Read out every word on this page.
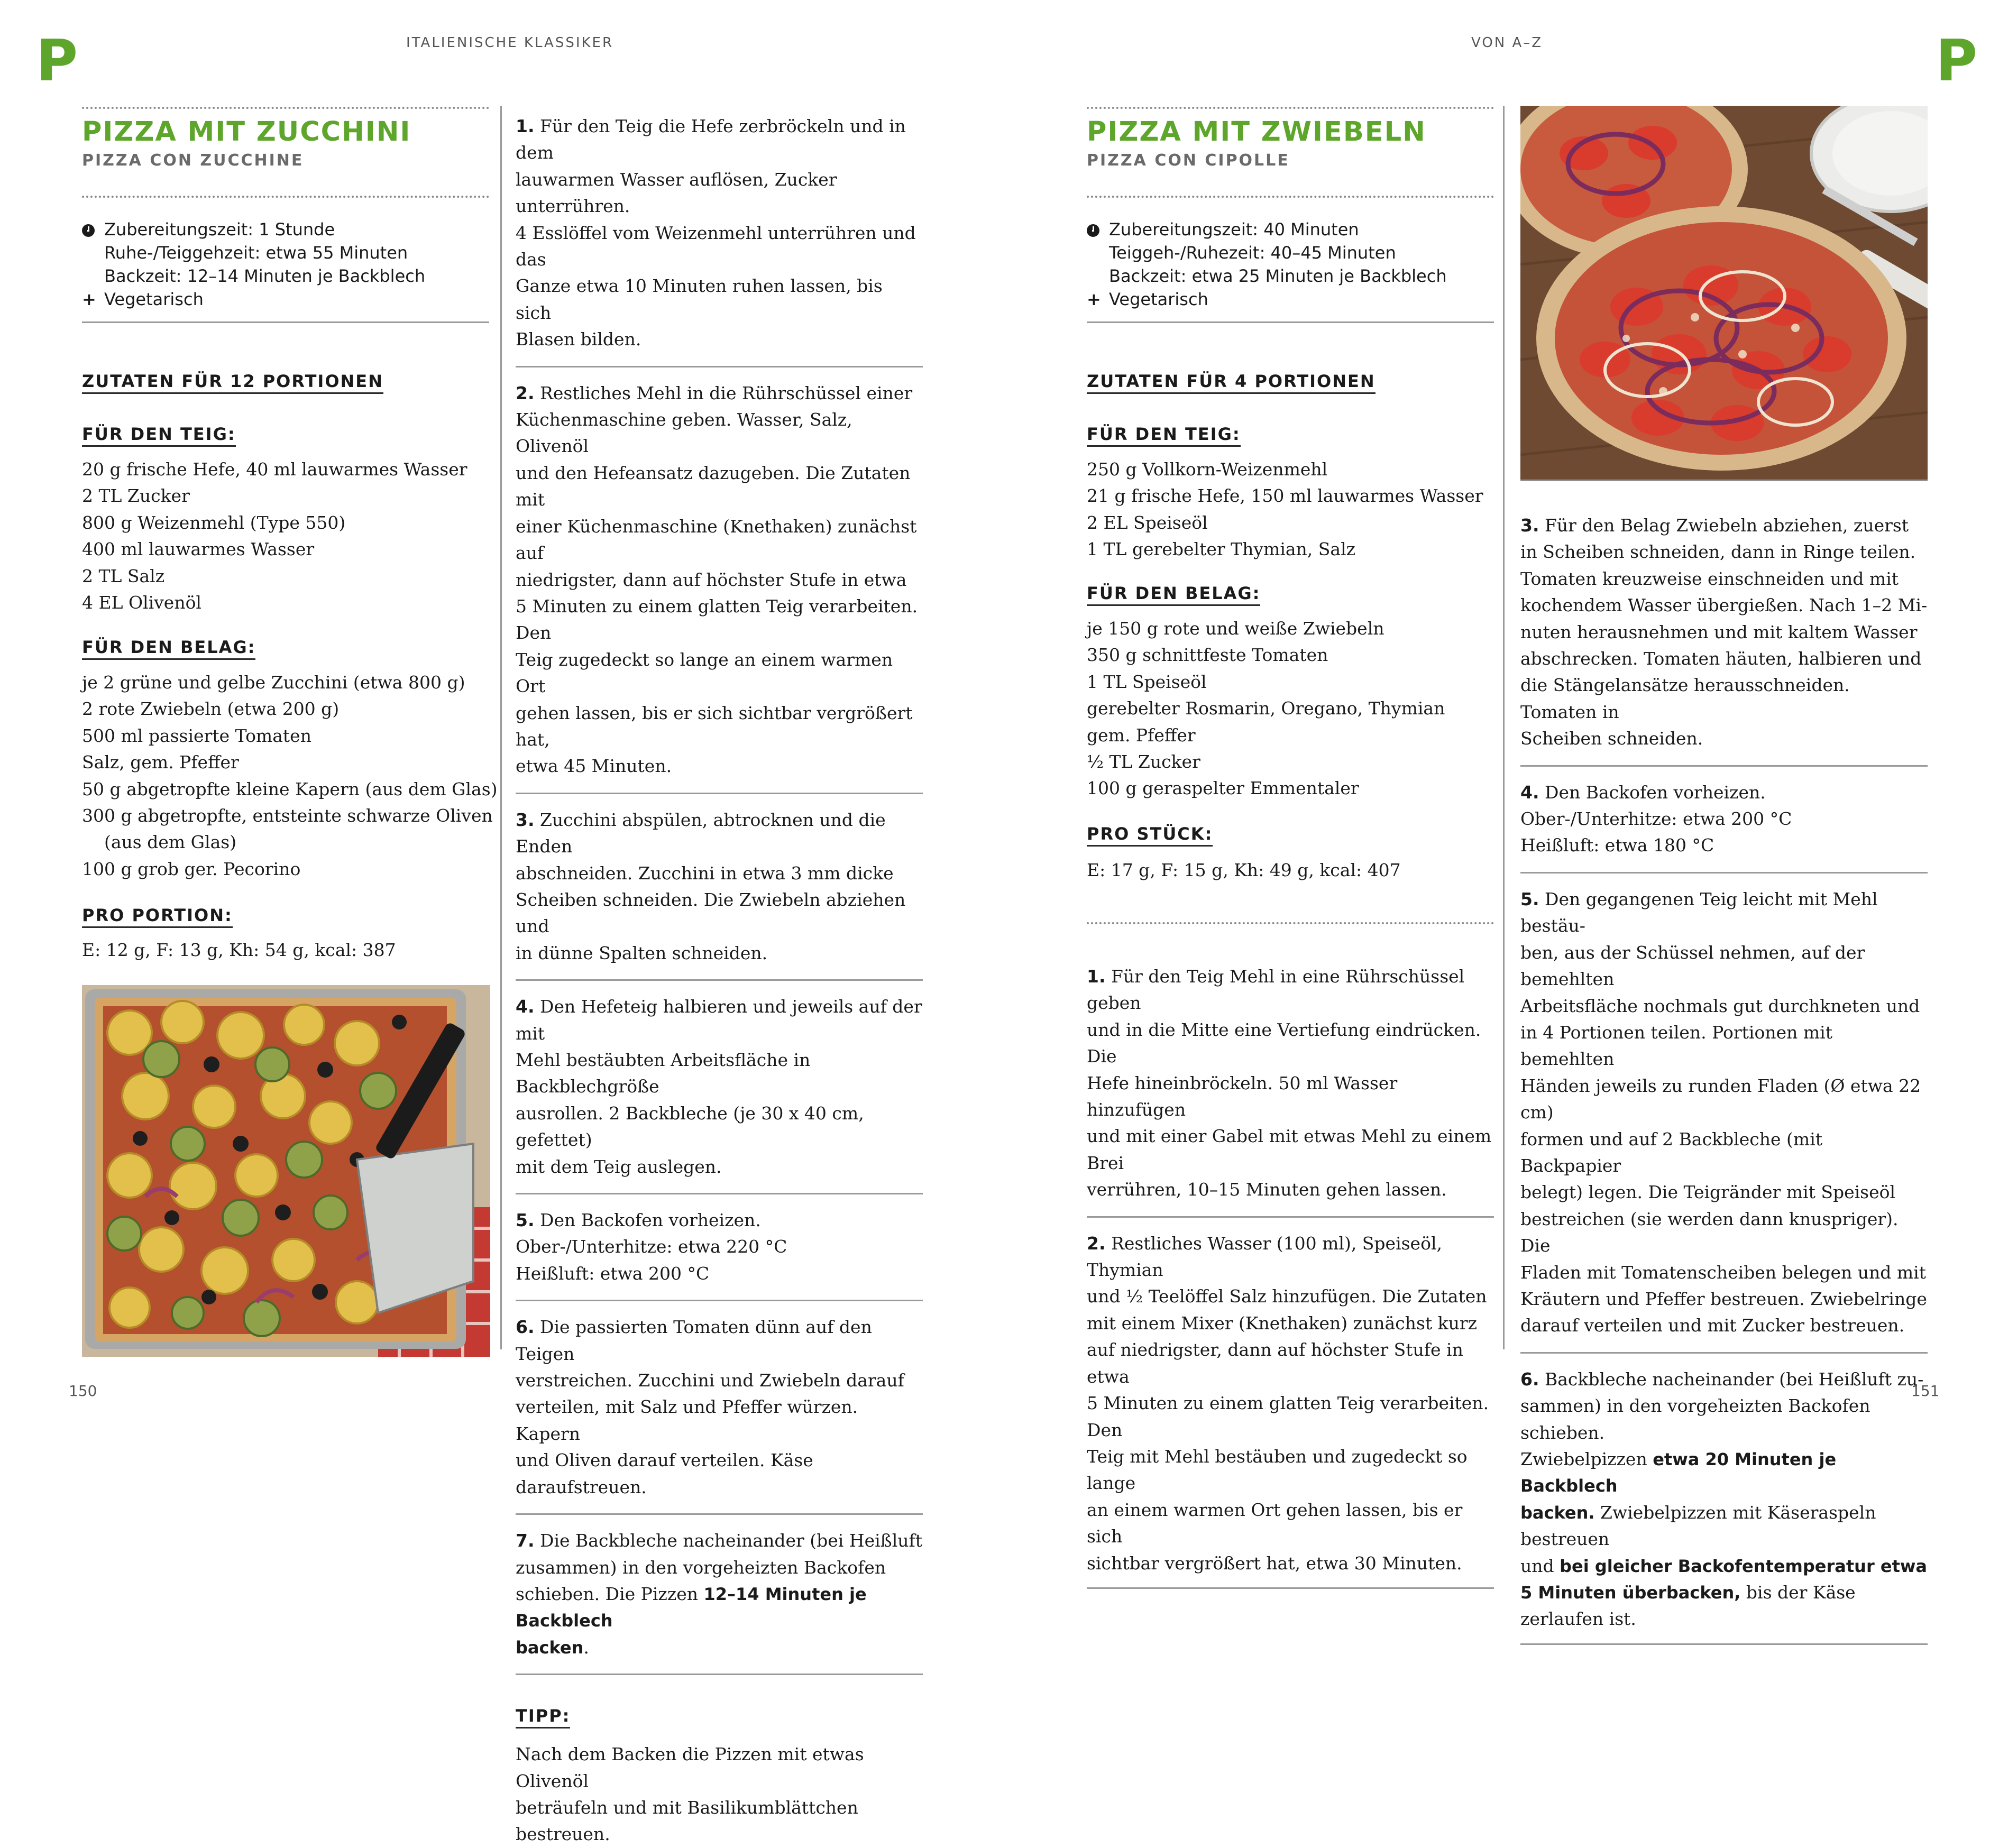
P	P
ITALIENISCHE KLASSIKER	VON A–Z
150	151
PIZZA MIT ZUCCHINI
PIZZA CON ZUCCHINE
Zubereitungszeit: 1 Stunde
Ruhe-/Teiggehzeit: etwa 55 Minuten
Backzeit: 12–14 Minuten je Backblech
+ Vegetarisch
ZUTATEN FÜR 12 PORTIONEN
FÜR DEN TEIG:
20 g frische Hefe, 40 ml lauwarmes Wasser
2 TL Zucker
800 g Weizenmehl (Type 550)
400 ml lauwarmes Wasser
2 TL Salz
4 EL Olivenöl
FÜR DEN BELAG:
je 2 grüne und gelbe Zucchini (etwa 800 g)
2 rote Zwiebeln (etwa 200 g)
500 ml passierte Tomaten
Salz, gem. Pfeffer
50 g abgetropfte kleine Kapern (aus dem Glas)
300 g abgetropfte, entsteinte schwarze Oliven
(aus dem Glas)
100 g grob ger. Pecorino
PRO PORTION:
E: 12 g, F: 13 g, Kh: 54 g, kcal: 387
1. Für den Teig die Hefe zerbröckeln und in dem
lauwarmen Wasser auflösen, Zucker unterrühren.
4 Esslöffel vom Weizenmehl unterrühren und das
Ganze etwa 10 Minuten ruhen lassen, bis sich
Blasen bilden.
2. Restliches Mehl in die Rührschüssel einer
Küchenmaschine geben. Wasser, Salz, Olivenöl
und den Hefeansatz dazugeben. Die Zutaten mit
einer Küchenmaschine (Knethaken) zunächst auf
niedrigster, dann auf höchster Stufe in etwa
5 Minuten zu einem glatten Teig verarbeiten. Den
Teig zugedeckt so lange an einem warmen Ort
gehen lassen, bis er sich sichtbar vergrößert hat,
etwa 45 Minuten.
3. Zucchini abspülen, abtrocknen und die Enden
abschneiden. Zucchini in etwa 3 mm dicke
Scheiben schneiden. Die Zwiebeln abziehen und
in dünne Spalten schneiden.
4. Den Hefeteig halbieren und jeweils auf der mit
Mehl bestäubten Arbeitsfläche in Backblechgröße
ausrollen. 2 Backbleche (je 30 x 40 cm, gefettet)
mit dem Teig auslegen.
5. Den Backofen vorheizen.
Ober-/Unterhitze: etwa 220 °C
Heißluft: etwa 200 °C
6. Die passierten Tomaten dünn auf den Teigen
verstreichen. Zucchini und Zwiebeln darauf
verteilen, mit Salz und Pfeffer würzen. Kapern
und Oliven darauf verteilen. Käse daraufstreuen.
7. Die Backbleche nacheinander (bei Heißluft
zusammen) in den vorgeheizten Backofen
schieben. Die Pizzen 12–14 Minuten je Backblech
backen.
TIPP:
Nach dem Backen die Pizzen mit etwas Olivenöl
beträufeln und mit Basilikumblättchen bestreuen.
PIZZA MIT ZWIEBELN
PIZZA CON CIPOLLE
Zubereitungszeit: 40 Minuten
Teiggeh-/Ruhezeit: 40–45 Minuten
Backzeit: etwa 25 Minuten je Backblech
+ Vegetarisch
ZUTATEN FÜR 4 PORTIONEN
FÜR DEN TEIG:
250 g Vollkorn-Weizenmehl
21 g frische Hefe, 150 ml lauwarmes Wasser
2 EL Speiseöl
1 TL gerebelter Thymian, Salz
FÜR DEN BELAG:
je 150 g rote und weiße Zwiebeln
350 g schnittfeste Tomaten
1 TL Speiseöl
gerebelter Rosmarin, Oregano, Thymian
gem. Pfeffer
½ TL Zucker
100 g geraspelter Emmentaler
PRO STÜCK:
E: 17 g, F: 15 g, Kh: 49 g, kcal: 407
1. Für den Teig Mehl in eine Rührschüssel geben
und in die Mitte eine Vertiefung eindrücken. Die
Hefe hineinbröckeln. 50 ml Wasser hinzufügen
und mit einer Gabel mit etwas Mehl zu einem Brei
verrühren, 10–15 Minuten gehen lassen.
2. Restliches Wasser (100 ml), Speiseöl, Thymian
und ½ Teelöffel Salz hinzufügen. Die Zutaten
mit einem Mixer (Knethaken) zunächst kurz
auf niedrigster, dann auf höchster Stufe in etwa
5 Minuten zu einem glatten Teig verarbeiten. Den
Teig mit Mehl bestäuben und zugedeckt so lange
an einem warmen Ort gehen lassen, bis er sich
sichtbar vergrößert hat, etwa 30 Minuten.
3. Für den Belag Zwiebeln abziehen, zuerst
in Scheiben schneiden, dann in Ringe teilen.
Tomaten kreuzweise einschneiden und mit
kochendem Wasser übergießen. Nach 1–2 Mi-
nuten herausnehmen und mit kaltem Wasser
abschrecken. Tomaten häuten, halbieren und
die Stängelansätze herausschneiden. Tomaten in
Scheiben schneiden.
4. Den Backofen vorheizen.
Ober-/Unterhitze: etwa 200 °C
Heißluft: etwa 180 °C
5. Den gegangenen Teig leicht mit Mehl bestäu-
ben, aus der Schüssel nehmen, auf der bemehlten
Arbeitsfläche nochmals gut durchkneten und
in 4 Portionen teilen. Portionen mit bemehlten
Händen jeweils zu runden Fladen (Ø etwa 22 cm)
formen und auf 2 Backbleche (mit Backpapier
belegt) legen. Die Teigränder mit Speiseöl
bestreichen (sie werden dann knuspriger). Die
Fladen mit Tomatenscheiben belegen und mit
Kräutern und Pfeffer bestreuen. Zwiebelringe
darauf verteilen und mit Zucker bestreuen.
6. Backbleche nacheinander (bei Heißluft zu-
sammen) in den vorgeheizten Backofen schieben.
Zwiebelpizzen etwa 20 Minuten je Backblech
backen. Zwiebelpizzen mit Käseraspeln bestreuen
und bei gleicher Backofentemperatur etwa
5 Minuten überbacken, bis der Käse zerlaufen ist.
